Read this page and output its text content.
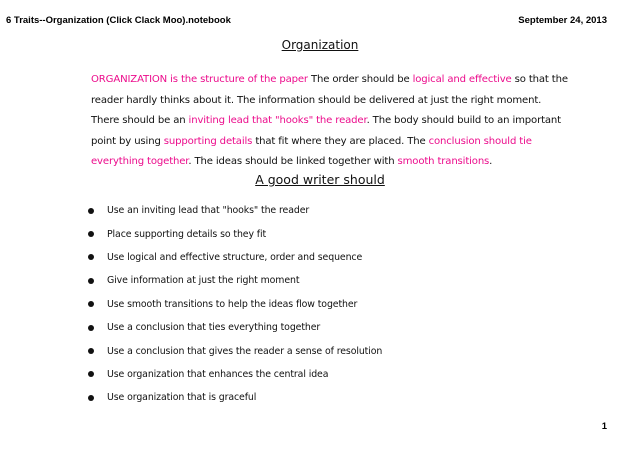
6 Traits--Organization (Click Clack Moo).notebook	September 24, 2013
Organization
ORGANIZATION is the structure of the paper The order should be logical and effective so that the
reader hardly thinks about it. The information should be delivered at just the right moment.
There should be an inviting lead that "hooks" the reader. The body should build to an important
point by using supporting details that fit where they are placed. The conclusion should tie
everything together. The ideas should be linked together with smooth transitions.
A good writer should
Use an inviting lead that "hooks" the reader
Place supporting details so they fit
Use logical and effective structure, order and sequence
Give information at just the right moment
Use smooth transitions to help the ideas flow together
Use a conclusion that ties everything together
Use a conclusion that gives the reader a sense of resolution
Use organization that enhances the central idea
Use organization that is graceful
1
